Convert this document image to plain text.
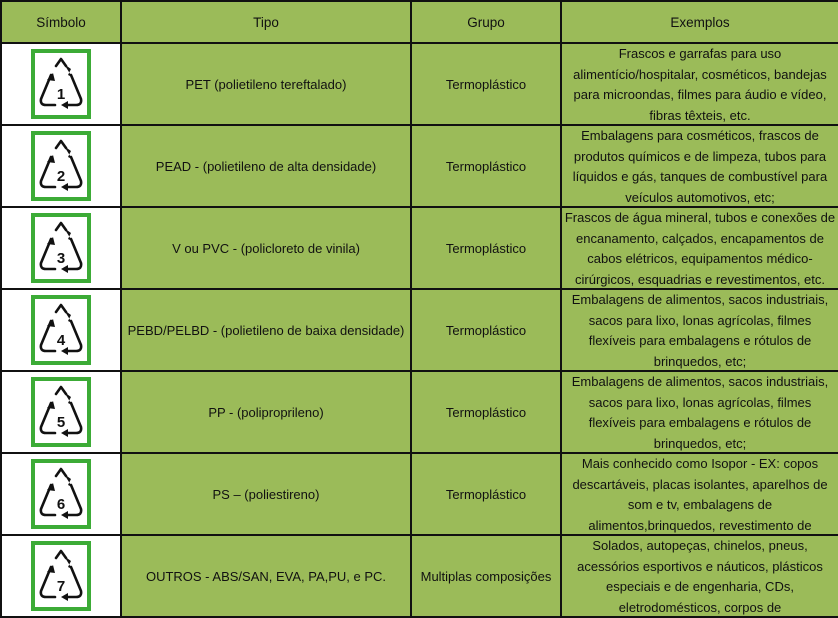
Símbolo	Tipo	Grupo	Exemplos

1	PET (polietileno tereftalado)	Termoplástico	Frascos e garrafas para uso alimentício/hospitalar, cosméticos, bandejas para microondas, filmes para áudio e vídeo, fibras têxteis, etc.

2	PEAD - (polietileno de alta densidade)	Termoplástico	Embalagens para cosméticos, frascos de produtos químicos e de limpeza, tubos para líquidos e gás, tanques de combustível para veículos automotivos, etc;

3	V ou PVC - (policloreto de vinila)	Termoplástico	Frascos de água mineral, tubos e conexões de encanamento, calçados, encapamentos de cabos elétricos, equipamentos médico-cirúrgicos, esquadrias e revestimentos, etc.

4	PEBD/PELBD - (polietileno de baixa densidade)	Termoplástico	Embalagens de alimentos, sacos industriais, sacos para lixo, lonas agrícolas, filmes flexíveis para embalagens e rótulos de brinquedos, etc;

5	PP - (poliproprileno)	Termoplástico	Embalagens de alimentos, sacos industriais, sacos para lixo, lonas agrícolas, filmes flexíveis para embalagens e rótulos de brinquedos, etc;

6	PS – (poliestireno)	Termoplástico	Mais conhecido como Isopor - EX: copos descartáveis, placas isolantes, aparelhos de som e tv, embalagens de alimentos,brinquedos, revestimento de

7	OUTROS - ABS/SAN, EVA, PA,PU, e PC.	Multiplas composições	Solados, autopeças, chinelos, pneus, acessórios esportivos e náuticos, plásticos especiais e de engenharia, CDs, eletrodomésticos, corpos de
